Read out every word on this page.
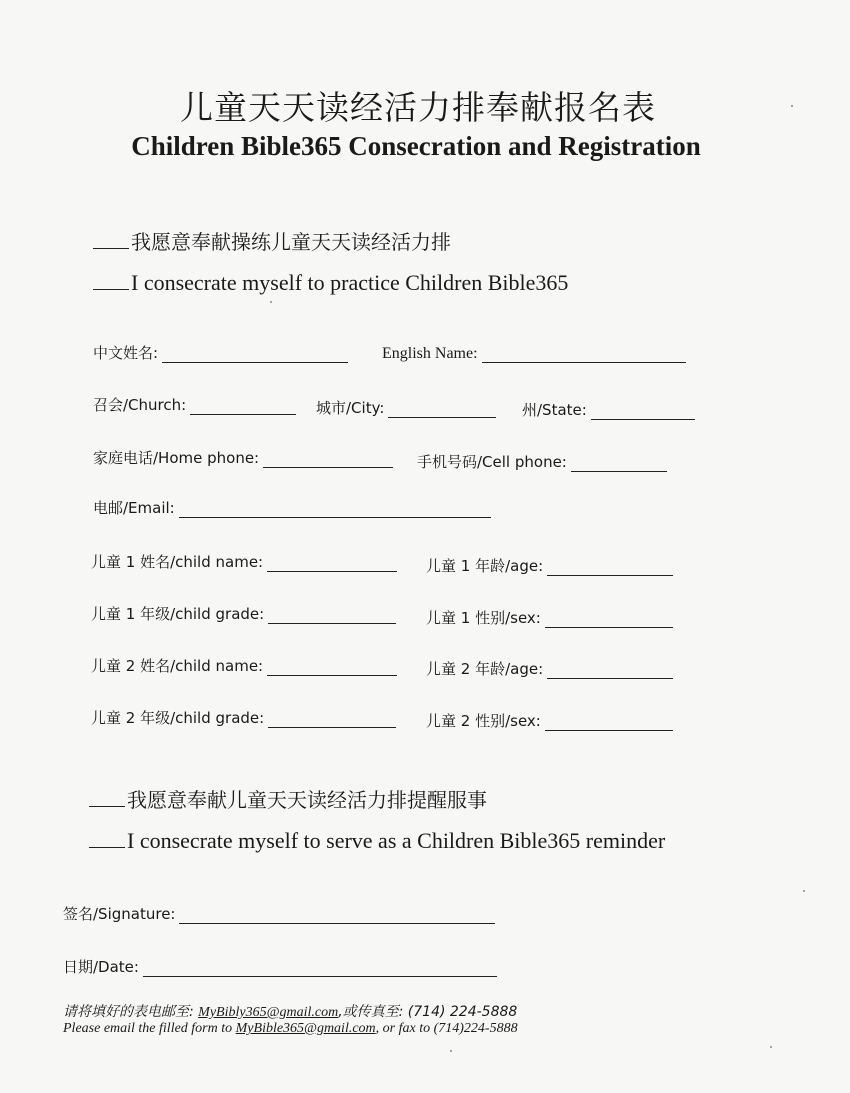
儿童天天读经活力排奉献报名表
Children Bible365 Consecration and Registration
我愿意奉献操练儿童天天读经活力排
I consecrate myself to practice Children Bible365
中文姓名:	English Name:
召会/Church:	城市/City:	州/State:
家庭电话/Home phone:	手机号码/Cell phone:
电邮/Email:
儿童 1 姓名/child name:	儿童 1 年龄/age:
儿童 1 年级/child grade:	儿童 1 性别/sex:
儿童 2 姓名/child name:	儿童 2 年龄/age:
儿童 2 年级/child grade:	儿童 2 性别/sex:
我愿意奉献儿童天天读经活力排提醒服事
I consecrate myself to serve as a Children Bible365 reminder
签名/Signature:
日期/Date:
请将填好的表电邮至: MyBibly365@gmail.com,或传真至: (714) 224-5888
Please email the filled form to MyBible365@gmail.com, or fax to (714)224-5888
